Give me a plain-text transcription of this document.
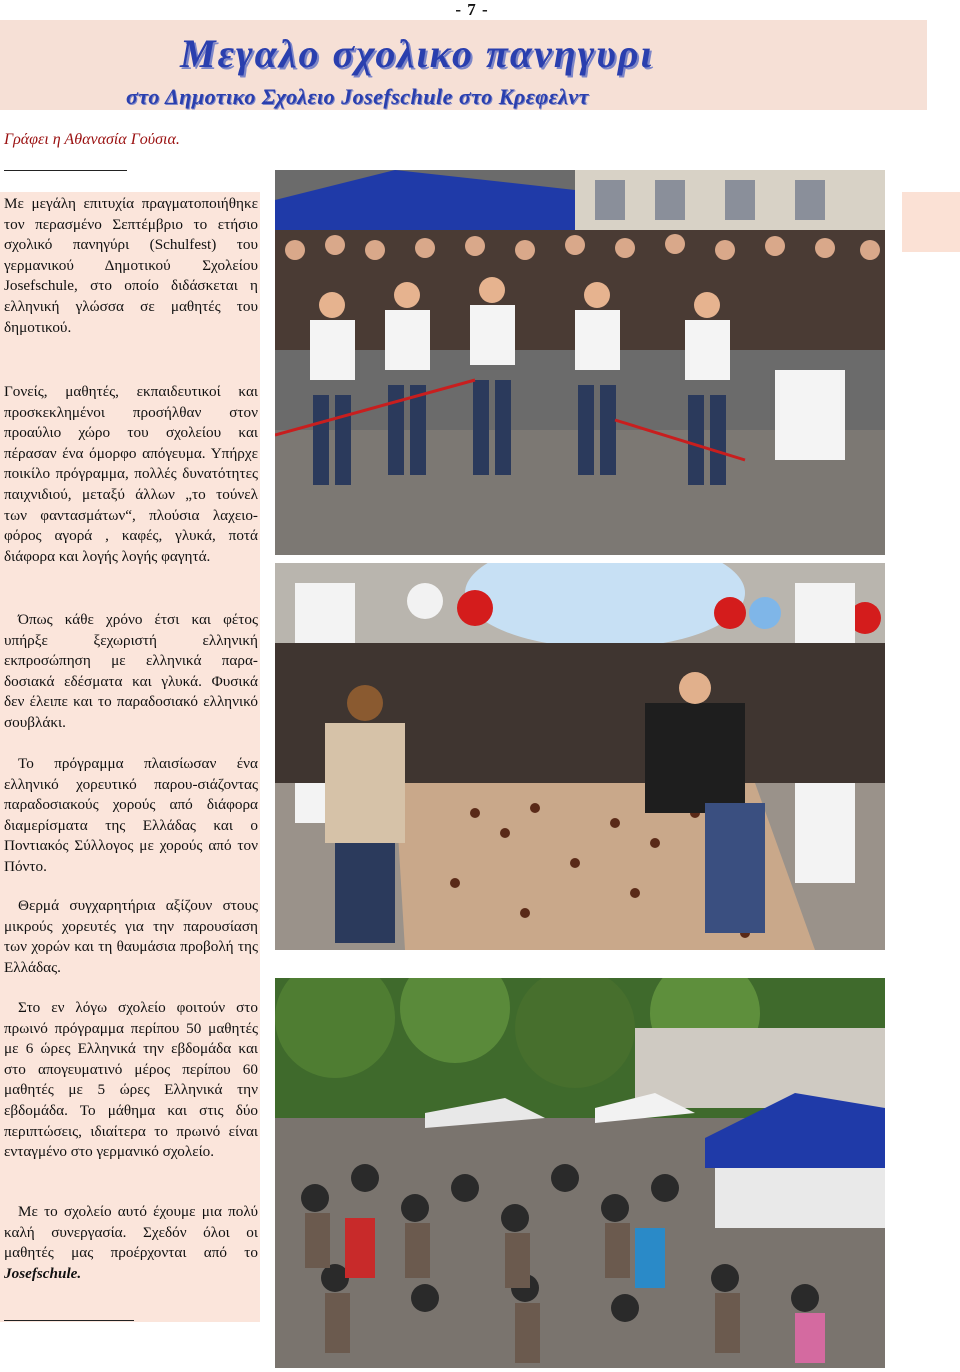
- 7 -
Μεγαλο σχολικο πανηγυρι
στο Δημοτικο Σχολειο Josefschule στο Κρεφελντ

Γράφει η Αθανασία Γούσια.

Με μεγάλη επιτυχία πραγματοποιήθηκε τον περασμένο Σεπτέμβριο το ετήσιο σχολικό πανηγύρι (Schulfest) του γερμανικού Δημοτικού Σχολείου Josefschule, στο οποίο διδάσκεται η ελληνική γλώσσα σε μαθητές του δημοτικού.

Γονείς, μαθητές, εκπαιδευτικοί και προσκεκλημένοι προσήλθαν στον προαύλιο χώρο του σχολείου και πέρασαν ένα όμορφο απόγευμα. Υπήρχε ποικίλο πρόγραμμα, πολλές δυνατότητες παιχνιδιού, μεταξύ άλλων „το τούνελ των φαντασμάτων“, πλούσια λαχειο-φόρος αγορά , καφές, γλυκά, ποτά διάφορα και λογής λογής φαγητά.

Όπως κάθε χρόνο έτσι και φέτος υπήρξε ξεχωριστή ελληνική εκπροσώπηση με ελληνικά παρα-δοσιακά εδέσματα και γλυκά. Φυσικά δεν έλειπε και το παραδοσιακό ελληνικό σουβλάκι.

Το πρόγραμμα πλαισίωσαν ένα ελληνικό χορευτικό παρου-σιάζοντας παραδοσιακούς χορούς από διάφορα διαμερίσματα της Ελλάδας και ο Ποντιακός Σύλλογος με χορούς από τον Πόντο.

Θερμά συγχαρητήρια αξίζουν στους μικρούς χορευτές για την παρουσίαση των χορών και τη θαυμάσια προβολή της Ελλάδας.

Στο εν λόγω σχολείο φοιτούν στο πρωινό πρόγραμμα περίπου 50 μαθητές με 6 ώρες Ελληνικά την εβδομάδα και στο απογευματινό μέρος περίπου 60 μαθητές με 5 ώρες Ελληνικά την εβδομάδα. Το μάθημα και στις δύο περιπτώσεις, ιδιαίτερα το πρωινό είναι ενταγμένο στο γερμανικό σχολείο.

Με το σχολείο αυτό έχουμε μια πολύ καλή συνεργασία. Σχεδόν όλοι οι μαθητές μας προέρχονται από το Josefschule.
